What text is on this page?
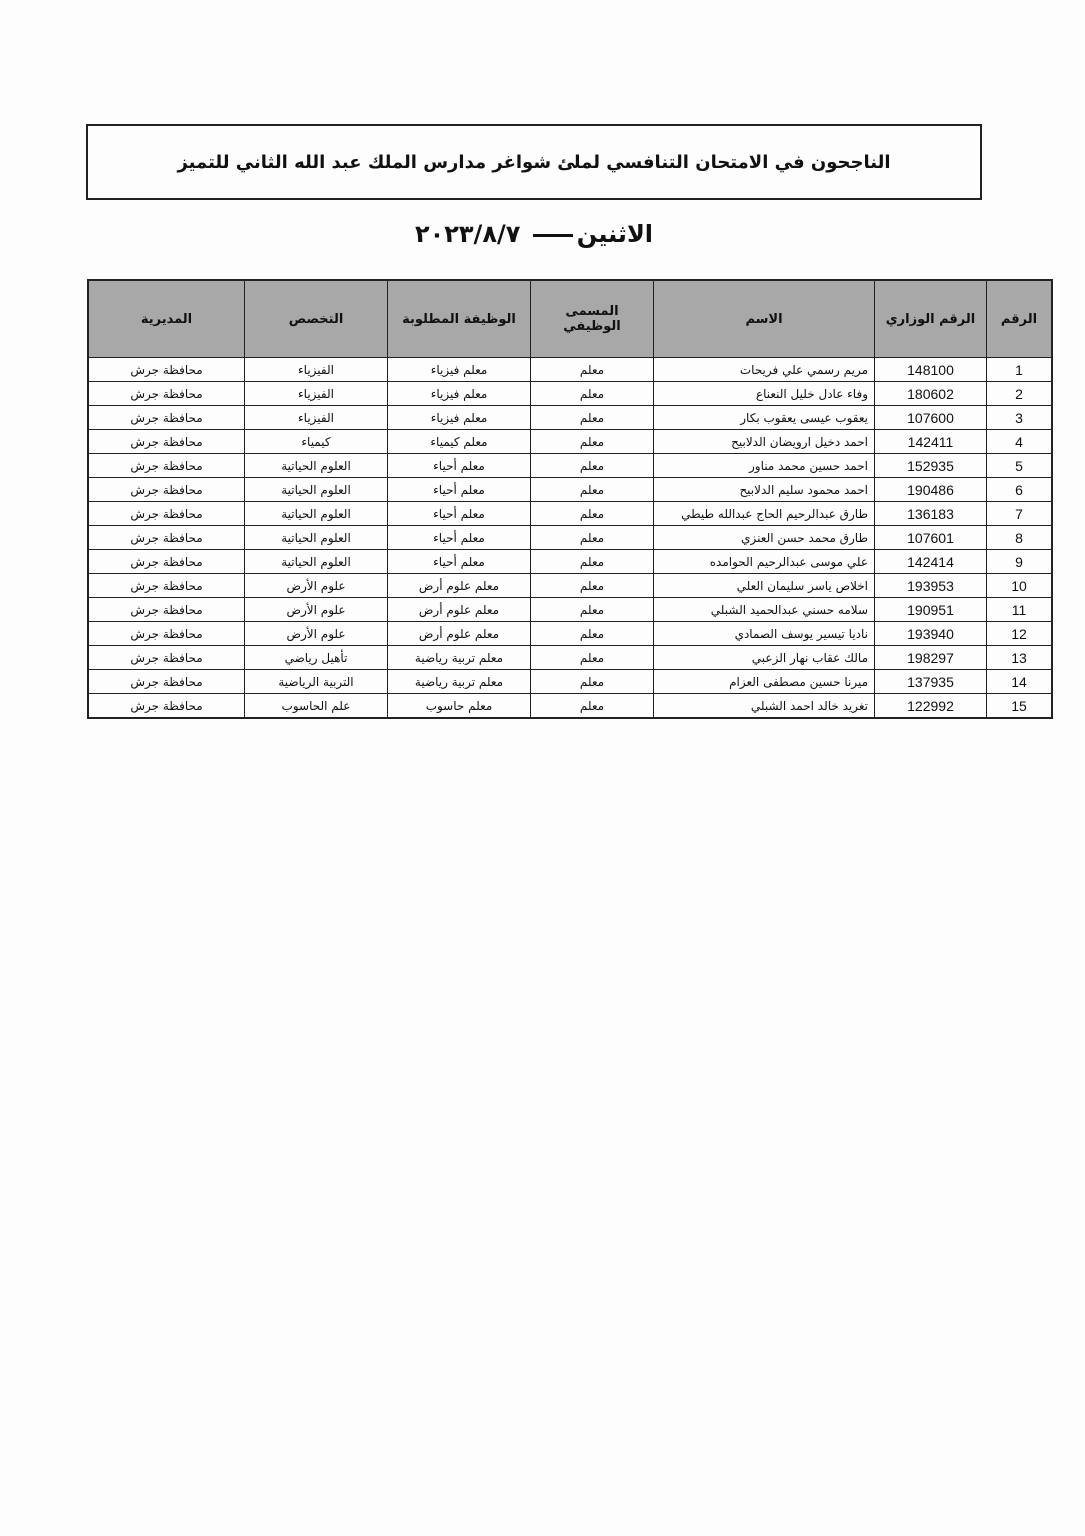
الناجحون في الامتحان التنافسي لملئ شواغر مدارس الملك عبد الله الثاني للتميز
الاثنين ٢٠٢٣/٨/٧
الرقم	الرقم الوزاري	الاسم	المسمى الوظيفي	الوظيفة المطلوبة	التخصص	المديرية
1	148100	مريم رسمي علي فريحات	معلم	معلم فيزياء	الفيزياء	محافظة جرش
2	180602	وفاء عادل خليل النعناع	معلم	معلم فيزياء	الفيزياء	محافظة جرش
3	107600	يعقوب عيسى يعقوب بكار	معلم	معلم فيزياء	الفيزياء	محافظة جرش
4	142411	احمد دخيل ارويضان الدلابيح	معلم	معلم كيمياء	كيمياء	محافظة جرش
5	152935	احمد حسين محمد مناور	معلم	معلم أحياء	العلوم الحياتية	محافظة جرش
6	190486	احمد محمود سليم الدلابيح	معلم	معلم أحياء	العلوم الحياتية	محافظة جرش
7	136183	طارق عبدالرحيم الحاج عبدالله طيطي	معلم	معلم أحياء	العلوم الحياتية	محافظة جرش
8	107601	طارق محمد حسن العنزي	معلم	معلم أحياء	العلوم الحياتية	محافظة جرش
9	142414	علي موسى عبدالرحيم الحوامده	معلم	معلم أحياء	العلوم الحياتية	محافظة جرش
10	193953	اخلاص ياسر سليمان العلي	معلم	معلم علوم أرض	علوم الأرض	محافظة جرش
11	190951	سلامه حسني عبدالحميد الشبلي	معلم	معلم علوم أرض	علوم الأرض	محافظة جرش
12	193940	ناديا تيسير يوسف الصمادي	معلم	معلم علوم أرض	علوم الأرض	محافظة جرش
13	198297	مالك عقاب نهار الزعبي	معلم	معلم تربية رياضية	تأهيل رياضي	محافظة جرش
14	137935	ميرنا حسين مصطفى العزام	معلم	معلم تربية رياضية	التربية الرياضية	محافظة جرش
15	122992	تغريد خالد احمد الشبلي	معلم	معلم حاسوب	علم الحاسوب	محافظة جرش
